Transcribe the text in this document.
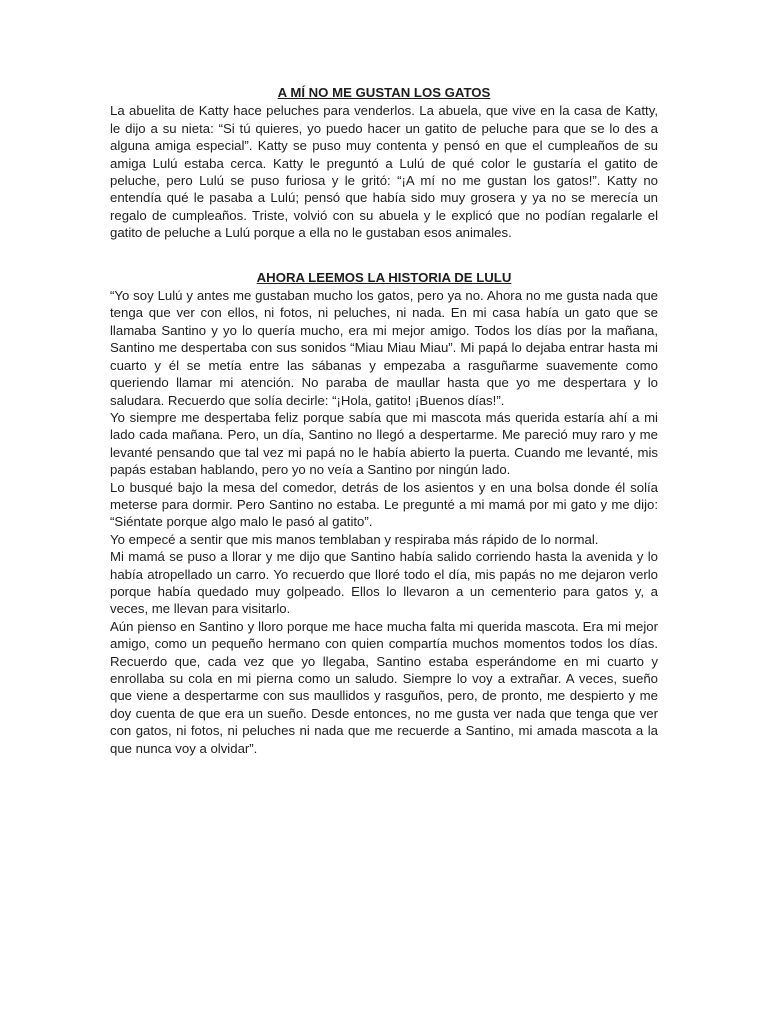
A MÍ NO ME GUSTAN LOS GATOS

La abuelita de Katty hace peluches para venderlos. La abuela, que vive en la casa de Katty, le dijo a su nieta: “Si tú quieres, yo puedo hacer un gatito de peluche para que se lo des a alguna amiga especial”. Katty se puso muy contenta y pensó en que el cumpleaños de su amiga Lulú estaba cerca. Katty le preguntó a Lulú de qué color le gustaría el gatito de peluche, pero Lulú se puso furiosa y le gritó: “¡A mí no me gustan los gatos!”. Katty no entendía qué le pasaba a Lulú; pensó que había sido muy grosera y ya no se merecía un regalo de cumpleaños. Triste, volvió con su abuela y le explicó que no podían regalarle el gatito de peluche a Lulú porque a ella no le gustaban esos animales.

AHORA LEEMOS LA HISTORIA DE LULU

“Yo soy Lulú y antes me gustaban mucho los gatos, pero ya no. Ahora no me gusta nada que tenga que ver con ellos, ni fotos, ni peluches, ni nada. En mi casa había un gato que se llamaba Santino y yo lo quería mucho, era mi mejor amigo. Todos los días por la mañana, Santino me despertaba con sus sonidos “Miau Miau Miau”. Mi papá lo dejaba entrar hasta mi cuarto y él se metía entre las sábanas y empezaba a rasguñarme suavemente como queriendo llamar mi atención. No paraba de maullar hasta que yo me despertara y lo saludara. Recuerdo que solía decirle: “¡Hola, gatito! ¡Buenos días!”.

Yo siempre me despertaba feliz porque sabía que mi mascota más querida estaría ahí a mi lado cada mañana. Pero, un día, Santino no llegó a despertarme. Me pareció muy raro y me levanté pensando que tal vez mi papá no le había abierto la puerta. Cuando me levanté, mis papás estaban hablando, pero yo no veía a Santino por ningún lado.

Lo busqué bajo la mesa del comedor, detrás de los asientos y en una bolsa donde él solía meterse para dormir. Pero Santino no estaba. Le pregunté a mi mamá por mi gato y me dijo: “Siéntate porque algo malo le pasó al gatito”.

Yo empecé a sentir que mis manos temblaban y respiraba más rápido de lo normal.

Mi mamá se puso a llorar y me dijo que Santino había salido corriendo hasta la avenida y lo había atropellado un carro. Yo recuerdo que lloré todo el día, mis papás no me dejaron verlo porque había quedado muy golpeado. Ellos lo llevaron a un cementerio para gatos y, a veces, me llevan para visitarlo.

Aún pienso en Santino y lloro porque me hace mucha falta mi querida mascota. Era mi mejor amigo, como un pequeño hermano con quien compartía muchos momentos todos los días. Recuerdo que, cada vez que yo llegaba, Santino estaba esperándome en mi cuarto y enrollaba su cola en mi pierna como un saludo. Siempre lo voy a extrañar. A veces, sueño que viene a despertarme con sus maullidos y rasguños, pero, de pronto, me despierto y me doy cuenta de que era un sueño. Desde entonces, no me gusta ver nada que tenga que ver con gatos, ni fotos, ni peluches ni nada que me recuerde a Santino, mi amada mascota a la que nunca voy a olvidar”.
